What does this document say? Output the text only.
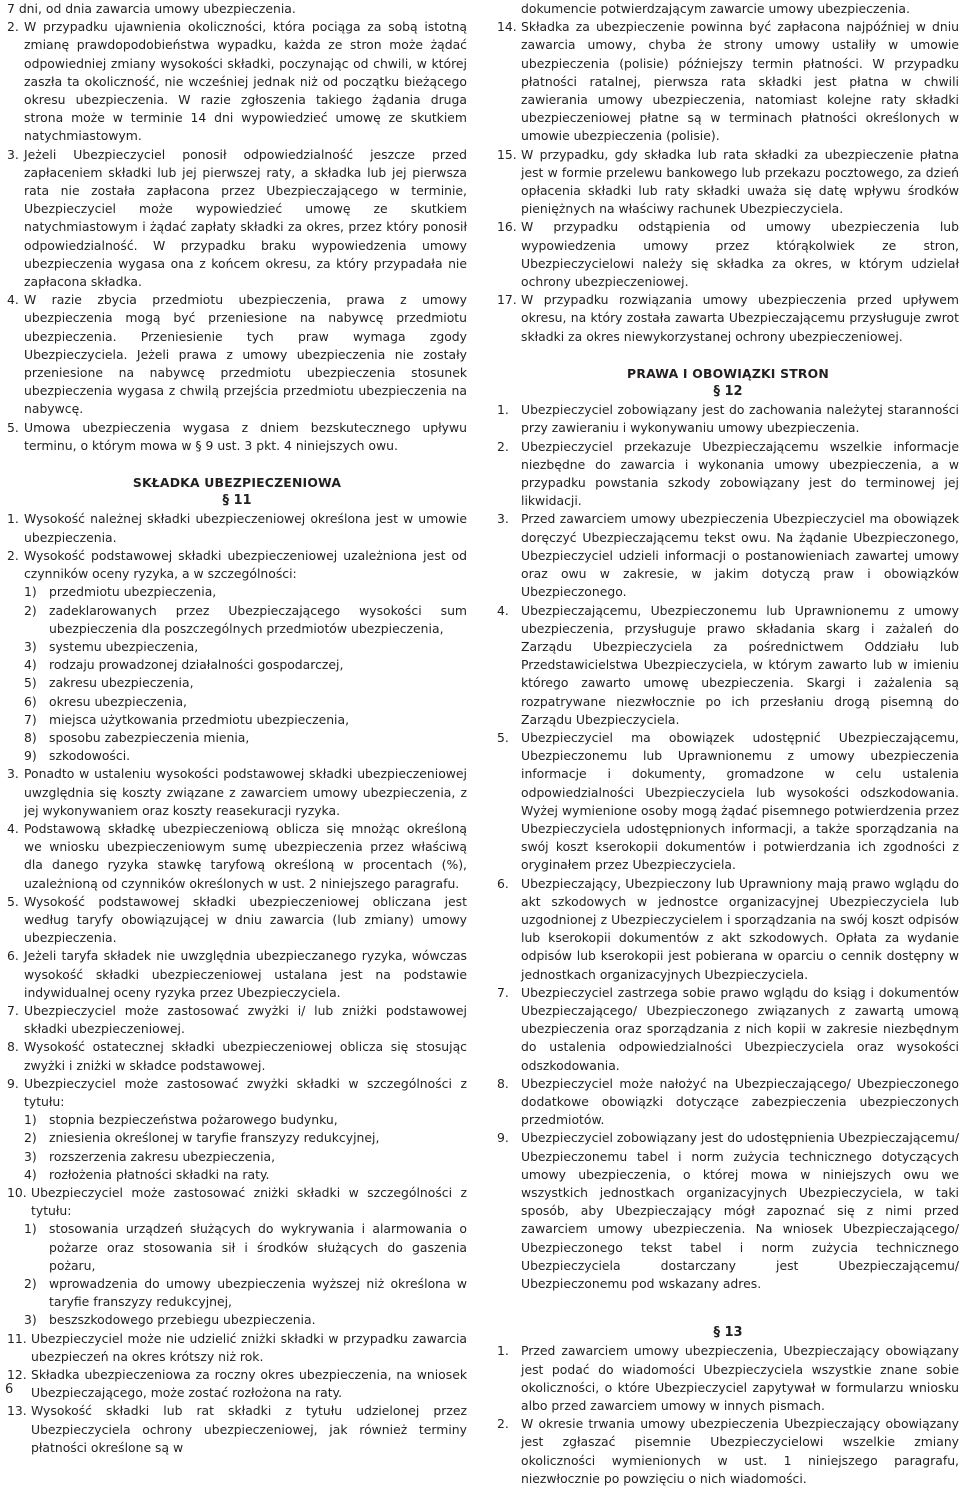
7 dni, od dnia zawarcia umowy ubezpieczenia.

2. W przypadku ujawnienia okoliczności, która pociąga za sobą istotną zmianę prawdopodobieństwa wypadku, każda ze stron może żądać odpowiedniej zmiany wysokości składki, poczynając od chwili, w której zaszła ta okoliczność, nie wcześniej jednak niż od początku bieżącego okresu ubezpieczenia. W razie zgłoszenia takiego żądania druga strona może w terminie 14 dni wypowiedzieć umowę ze skutkiem natychmiastowym.
3. Jeżeli Ubezpieczyciel ponosił odpowiedzialność jeszcze przed zapłaceniem składki lub jej pierwszej raty, a składka lub jej pierwsza rata nie została zapłacona przez Ubezpieczającego w terminie, Ubezpieczyciel może wypowiedzieć umowę ze skutkiem natychmiastowym i żądać zapłaty składki za okres, przez który ponosił odpowiedzialność. W przypadku braku wypowiedzenia umowy ubezpieczenia wygasa ona z końcem okresu, za który przypadała nie zapłacona składka.
4. W razie zbycia przedmiotu ubezpieczenia, prawa z umowy ubezpieczenia mogą być przeniesione na nabywcę przedmiotu ubezpieczenia. Przeniesienie tych praw wymaga zgody Ubezpieczyciela. Jeżeli prawa z umowy ubezpieczenia nie zostały przeniesione na nabywcę przedmiotu ubezpieczenia stosunek ubezpieczenia wygasa z chwilą przejścia przedmiotu ubezpieczenia na nabywcę.
5. Umowa ubezpieczenia wygasa z dniem bezskutecznego upływu terminu, o którym mowa w § 9 ust. 3 pkt. 4 niniejszych owu.

SKŁADKA UBEZPIECZENIOWA

§ 11

1. Wysokość należnej składki ubezpieczeniowej określona jest w umowie ubezpieczenia.
2. Wysokość podstawowej składki ubezpieczeniowej uzależniona jest od czynników oceny ryzyka, a w szczególności:
1) przedmiotu ubezpieczenia,
2) zadeklarowanych przez Ubezpieczającego wysokości sum ubezpieczenia dla poszczególnych przedmiotów ubezpieczenia,
3) systemu ubezpieczenia,
4) rodzaju prowadzonej działalności gospodarczej,
5) zakresu ubezpieczenia,
6) okresu ubezpieczenia,
7) miejsca użytkowania przedmiotu ubezpieczenia,
8) sposobu zabezpieczenia mienia,
9) szkodowości.
3. Ponadto w ustaleniu wysokości podstawowej składki ubezpieczeniowej uwzględnia się koszty związane z zawarciem umowy ubezpieczenia, z jej wykonywaniem oraz koszty reasekuracji ryzyka.
4. Podstawową składkę ubezpieczeniową oblicza się mnożąc określoną we wniosku ubezpieczeniowym sumę ubezpieczenia przez właściwą dla danego ryzyka stawkę taryfową określoną w procentach (%), uzależnioną od czynników określonych w ust. 2 niniejszego paragrafu.
5. Wysokość podstawowej składki ubezpieczeniowej obliczana jest według taryfy obowiązującej w dniu zawarcia (lub zmiany) umowy ubezpieczenia.
6. Jeżeli taryfa składek nie uwzględnia ubezpieczanego ryzyka, wówczas wysokość składki ubezpieczeniowej ustalana jest na podstawie indywidualnej oceny ryzyka przez Ubezpieczyciela.
7. Ubezpieczyciel może zastosować zwyżki i/ lub zniżki podstawowej składki ubezpieczeniowej.
8. Wysokość ostatecznej składki ubezpieczeniowej oblicza się stosując zwyżki i zniżki w składce podstawowej.
9. Ubezpieczyciel może zastosować zwyżki składki w szczególności z tytułu:
1) stopnia bezpieczeństwa pożarowego budynku,
2) zniesienia określonej w taryfie franszyzy redukcyjnej,
3) rozszerzenia zakresu ubezpieczenia,
4) rozłożenia płatności składki na raty.
10. Ubezpieczyciel może zastosować zniżki składki w szczególności z tytułu:
1) stosowania urządzeń służących do wykrywania i alarmowania o pożarze oraz stosowania sił i środków służących do gaszenia pożaru,
2) wprowadzenia do umowy ubezpieczenia wyższej niż określona w taryfie franszyzy redukcyjnej,
3) beszszkodowego przebiegu ubezpieczenia.
11. Ubezpieczyciel może nie udzielić zniżki składki w przypadku zawarcia ubezpieczeń na okres krótszy niż rok.
12. Składka ubezpieczeniowa za roczny okres ubezpieczenia, na wniosek Ubezpieczającego, może zostać rozłożona na raty.
13. Wysokość składki lub rat składki z tytułu udzielonej przez Ubezpieczyciela ochrony ubezpieczeniowej, jak również terminy płatności określone są w

dokumencie potwierdzającym zawarcie umowy ubezpieczenia.

14. Składka za ubezpieczenie powinna być zapłacona najpóźniej w dniu zawarcia umowy, chyba że strony umowy ustaliły w umowie ubezpieczenia (polisie) późniejszy termin płatności. W przypadku płatności ratalnej, pierwsza rata składki jest płatna w chwili zawierania umowy ubezpieczenia, natomiast kolejne raty składki ubezpieczeniowej płatne są w terminach płatności określonych w umowie ubezpieczenia (polisie).
15. W przypadku, gdy składka lub rata składki za ubezpieczenie płatna jest w formie przelewu bankowego lub przekazu pocztowego, za dzień opłacenia składki lub raty składki uważa się datę wpływu środków pieniężnych na właściwy rachunek Ubezpieczyciela.
16. W przypadku odstąpienia od umowy ubezpieczenia lub wypowiedzenia umowy przez którąkolwiek ze stron, Ubezpieczycielowi należy się składka za okres, w którym udzielał ochrony ubezpieczeniowej.
17. W przypadku rozwiązania umowy ubezpieczenia przed upływem okresu, na który została zawarta Ubezpieczającemu przysługuje zwrot składki za okres niewykorzystanej ochrony ubezpieczeniowej.

PRAWA I OBOWIĄZKI STRON

§ 12

1. Ubezpieczyciel zobowiązany jest do zachowania należytej staranności przy zawieraniu i wykonywaniu umowy ubezpieczenia.
2. Ubezpieczyciel przekazuje Ubezpieczającemu wszelkie informacje niezbędne do zawarcia i wykonania umowy ubezpieczenia, a w przypadku powstania szkody zobowiązany jest do terminowej jej likwidacji.
3. Przed zawarciem umowy ubezpieczenia Ubezpieczyciel ma obowiązek doręczyć Ubezpieczającemu tekst owu. Na żądanie Ubezpieczonego, Ubezpieczyciel udzieli informacji o postanowieniach zawartej umowy oraz owu w zakresie, w jakim dotyczą praw i obowiązków Ubezpieczonego.
4. Ubezpieczającemu, Ubezpieczonemu lub Uprawnionemu z umowy ubezpieczenia, przysługuje prawo składania skarg i zażaleń do Zarządu Ubezpieczyciela za pośrednictwem Oddziału lub Przedstawicielstwa Ubezpieczyciela, w którym zawarto lub w imieniu którego zawarto umowę ubezpieczenia. Skargi i zażalenia są rozpatrywane niezwłocznie po ich przesłaniu drogą pisemną do Zarządu Ubezpieczyciela.
5. Ubezpieczyciel ma obowiązek udostępnić Ubezpieczającemu, Ubezpieczonemu lub Uprawnionemu z umowy ubezpieczenia informacje i dokumenty, gromadzone w celu ustalenia odpowiedzialności Ubezpieczyciela lub wysokości odszkodowania. Wyżej wymienione osoby mogą żądać pisemnego potwierdzenia przez Ubezpieczyciela udostępnionych informacji, a także sporządzania na swój koszt kserokopii dokumentów i potwierdzania ich zgodności z oryginałem przez Ubezpieczyciela.
6. Ubezpieczający, Ubezpieczony lub Uprawniony mają prawo wglądu do akt szkodowych w jednostce organizacyjnej Ubezpieczyciela lub uzgodnionej z Ubezpieczycielem i sporządzania na swój koszt odpisów lub kserokopii dokumentów z akt szkodowych. Opłata za wydanie odpisów lub kserokopii jest pobierana w oparciu o cennik dostępny w jednostkach organizacyjnych Ubezpieczyciela.
7. Ubezpieczyciel zastrzega sobie prawo wglądu do ksiąg i dokumentów Ubezpieczającego/ Ubezpieczonego związanych z zawartą umową ubezpieczenia oraz sporządzania z nich kopii w zakresie niezbędnym do ustalenia odpowiedzialności Ubezpieczyciela oraz wysokości odszkodowania.
8. Ubezpieczyciel może nałożyć na Ubezpieczającego/ Ubezpieczonego dodatkowe obowiązki dotyczące zabezpieczenia ubezpieczonych przedmiotów.
9. Ubezpieczyciel zobowiązany jest do udostępnienia Ubezpieczającemu/ Ubezpieczonemu tabel i norm zużycia technicznego dotyczących umowy ubezpieczenia, o której mowa w niniejszych owu we wszystkich jednostkach organizacyjnych Ubezpieczyciela, w taki sposób, aby Ubezpieczający mógł zapoznać się z nimi przed zawarciem umowy ubezpieczenia. Na wniosek Ubezpieczającego/ Ubezpieczonego tekst tabel i norm zużycia technicznego Ubezpieczyciela dostarczany jest Ubezpieczającemu/ Ubezpieczonemu pod wskazany adres.

§ 13

1. Przed zawarciem umowy ubezpieczenia, Ubezpieczający obowiązany jest podać do wiadomości Ubezpieczyciela wszystkie znane sobie okoliczności, o które Ubezpieczyciel zapytywał w formularzu wniosku albo przed zawarciem umowy w innych pismach.
2. W okresie trwania umowy ubezpieczenia Ubezpieczający obowiązany jest zgłaszać pisemnie Ubezpieczycielowi wszelkie zmiany okoliczności wymienionych w ust. 1 niniejszego paragrafu, niezwłocznie po powzięciu o nich wiadomości.
6
